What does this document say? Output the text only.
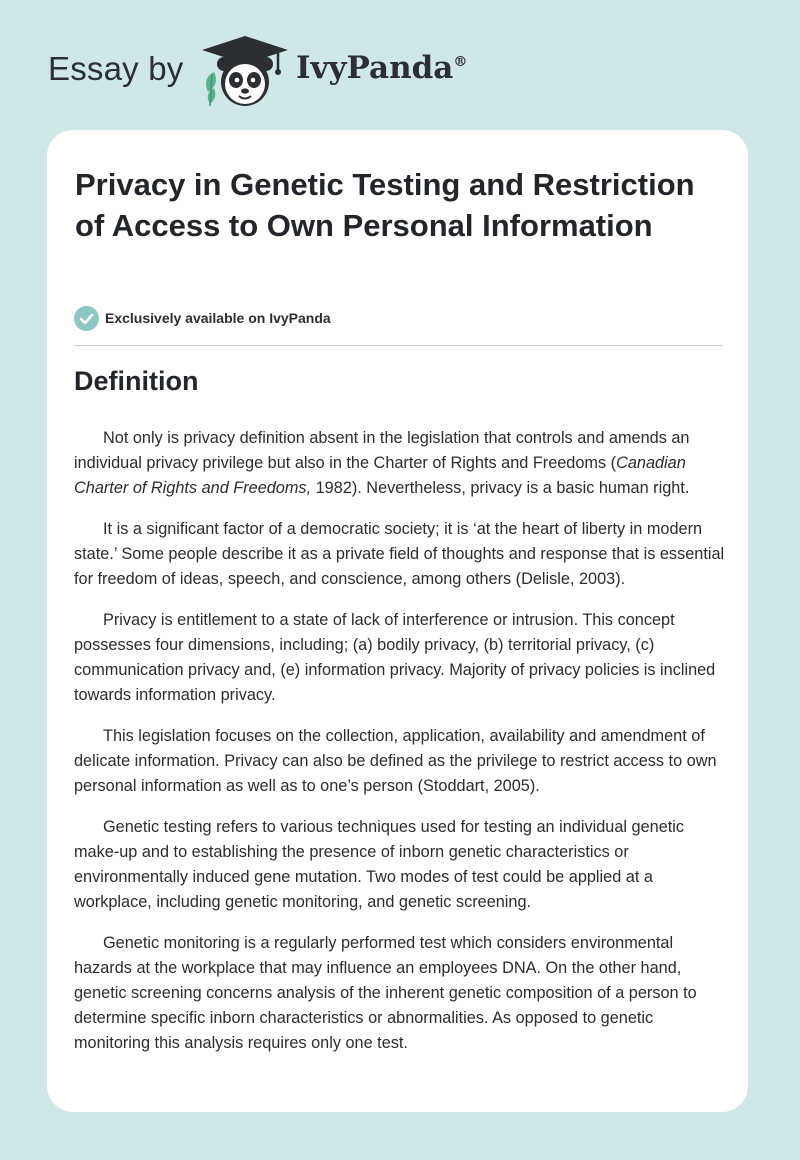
Essay by	IvyPanda®
Privacy in Genetic Testing and Restriction of Access to Own Personal Information
Exclusively available on IvyPanda
Definition

Not only is privacy definition absent in the legislation that controls and amends an individual privacy privilege but also in the Charter of Rights and Freedoms (Canadian Charter of Rights and Freedoms, 1982). Nevertheless, privacy is a basic human right.

It is a significant factor of a democratic society; it is ‘at the heart of liberty in modern state.’ Some people describe it as a private field of thoughts and response that is essential for freedom of ideas, speech, and conscience, among others (Delisle, 2003).

Privacy is entitlement to a state of lack of interference or intrusion. This concept possesses four dimensions, including; (a) bodily privacy, (b) territorial privacy, (c) communication privacy and, (e) information privacy. Majority of privacy policies is inclined towards information privacy.

This legislation focuses on the collection, application, availability and amendment of delicate information. Privacy can also be defined as the privilege to restrict access to own personal information as well as to one’s person (Stoddart, 2005).

Genetic testing refers to various techniques used for testing an individual genetic make-up and to establishing the presence of inborn genetic characteristics or environmentally induced gene mutation. Two modes of test could be applied at a workplace, including genetic monitoring, and genetic screening.

Genetic monitoring is a regularly performed test which considers environmental hazards at the workplace that may influence an employees DNA. On the other hand, genetic screening concerns analysis of the inherent genetic composition of a person to determine specific inborn characteristics or abnormalities. As opposed to genetic monitoring this analysis requires only one test.
